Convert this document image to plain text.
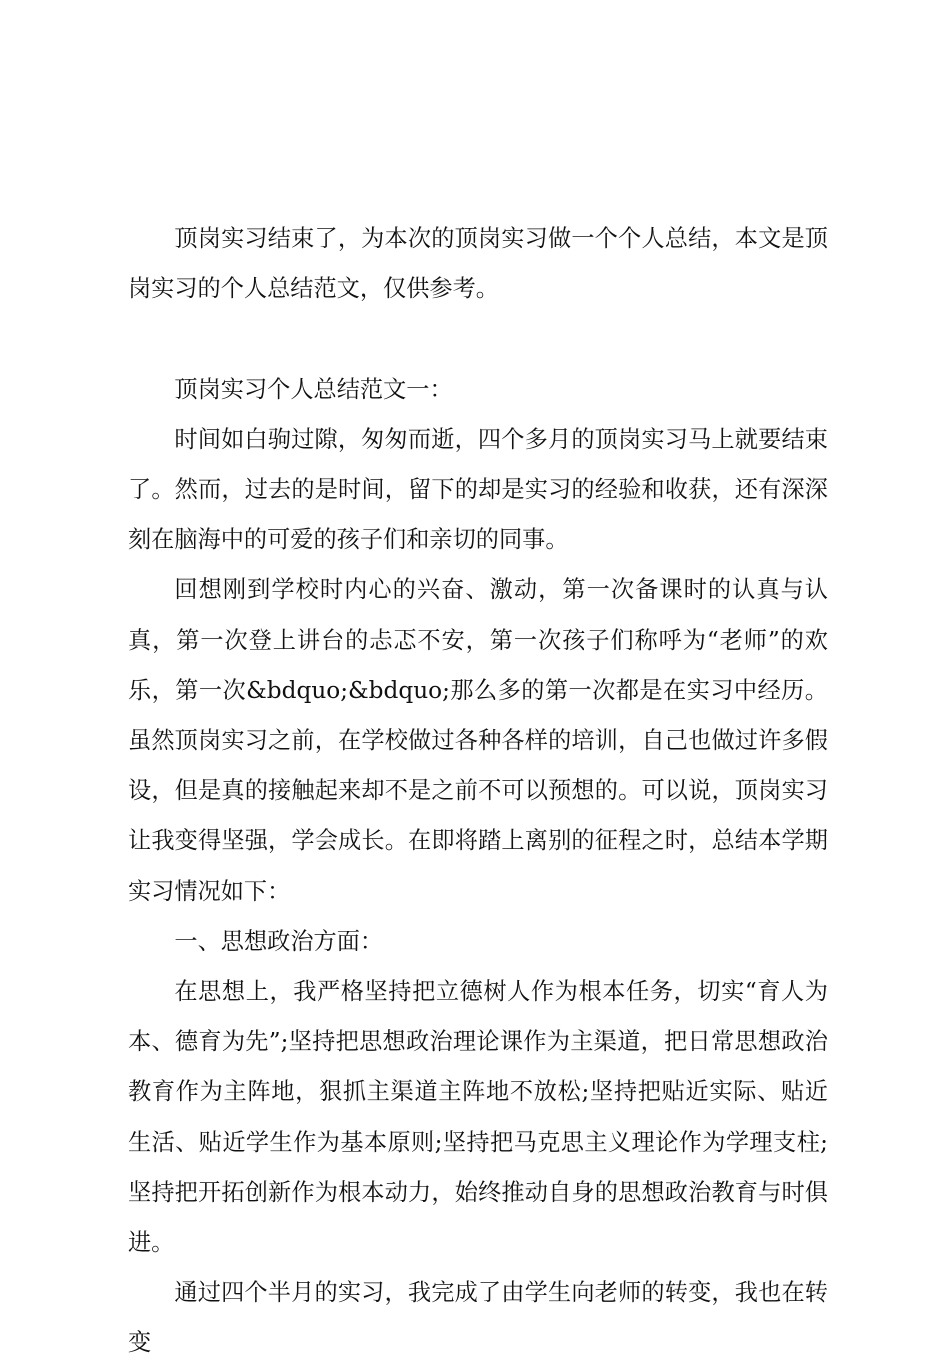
顶岗实习结束了，为本次的顶岗实习做一个个人总结，本文是顶岗实习的个人总结范文，仅供参考。

顶岗实习个人总结范文一：

时间如白驹过隙，匆匆而逝，四个多月的顶岗实习马上就要结束了。然而，过去的是时间，留下的却是实习的经验和收获，还有深深刻在脑海中的可爱的孩子们和亲切的同事。

回想刚到学校时内心的兴奋、激动，第一次备课时的认真与认真，第一次登上讲台的忐忑不安，第一次孩子们称呼为“老师”的欢乐，第一次&bdquo;&bdquo;那么多的第一次都是在实习中经历。虽然顶岗实习之前，在学校做过各种各样的培训，自己也做过许多假设，但是真的接触起来却不是之前不可以预想的。可以说，顶岗实习让我变得坚强，学会成长。在即将踏上离别的征程之时，总结本学期实习情况如下：

一、思想政治方面：

在思想上，我严格坚持把立德树人作为根本任务，切实“育人为本、德育为先”;坚持把思想政治理论课作为主渠道，把日常思想政治教育作为主阵地，狠抓主渠道主阵地不放松;坚持把贴近实际、贴近生活、贴近学生作为基本原则;坚持把马克思主义理论作为学理支柱;坚持把开拓创新作为根本动力，始终推动自身的思想政治教育与时俱进。

通过四个半月的实习，我完成了由学生向老师的转变，我也在转变
